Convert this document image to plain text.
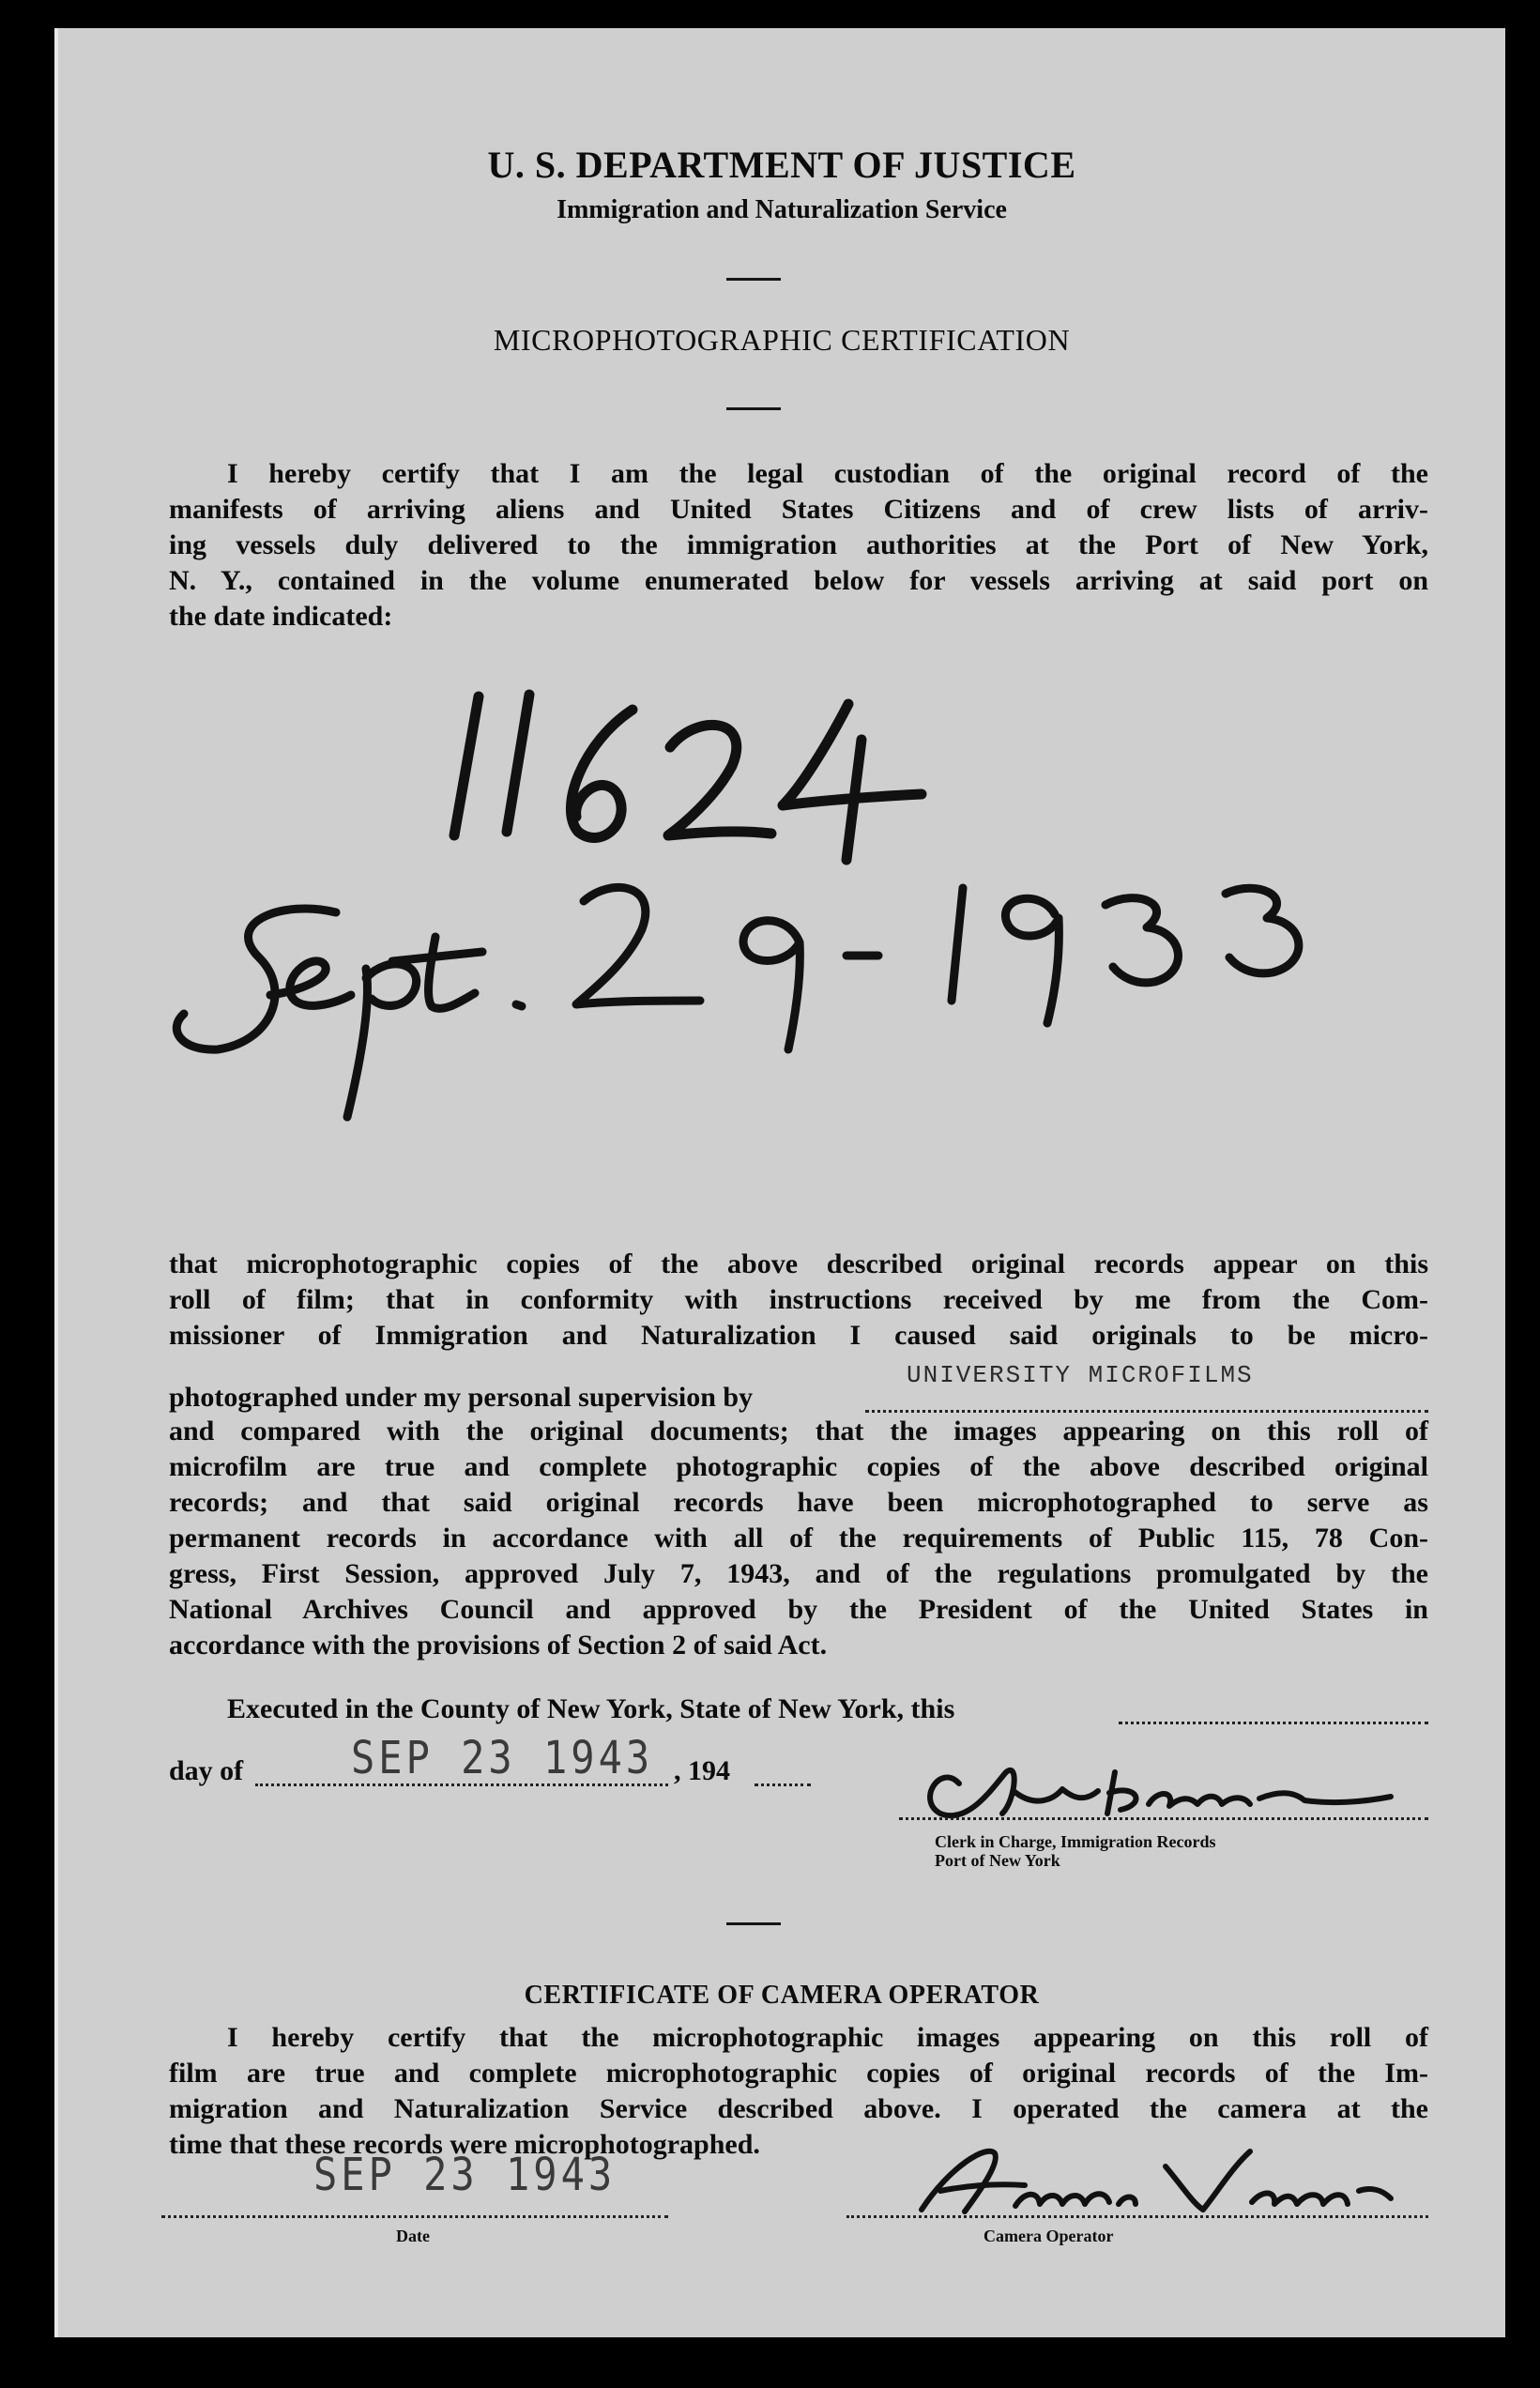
U. S. DEPARTMENT OF JUSTICE
Immigration and Naturalization Service
MICROPHOTOGRAPHIC CERTIFICATION

I hereby certify that I am the legal custodian of the original record of the

manifests of arriving aliens and United States Citizens and of crew lists of arriv-

ing vessels duly delivered to the immigration authorities at the Port of New York,

N. Y., contained in the volume enumerated below for vessels arriving at said port on

the date indicated:

that microphotographic copies of the above described original records appear on this

roll of film; that in conformity with instructions received by me from the Com-

missioner of Immigration and Naturalization I caused said originals to be micro-

photographed under my personal supervision by
UNIVERSITY MICROFILMS

and compared with the original documents; that the images appearing on this roll of

microfilm are true and complete photographic copies of the above described original

records; and that said original records have been microphotographed to serve as

permanent records in accordance with all of the requirements of Public 115, 78 Con-

gress, First Session, approved July 7, 1943, and of the regulations promulgated by the

National Archives Council and approved by the President of the United States in

accordance with the provisions of Section 2 of said Act.

Executed in the County of New York, State of New York, this
day of	SEP 23 1943 , 194
Clerk in Charge, Immigration Records
Port of New York
CERTIFICATE OF CAMERA OPERATOR

I hereby certify that the microphotographic images appearing on this roll of

film are true and complete microphotographic copies of original records of the Im-

migration and Naturalization Service described above. I operated the camera at the

time that these records were microphotographed.

SEP 23 1943
Date	Camera Operator
